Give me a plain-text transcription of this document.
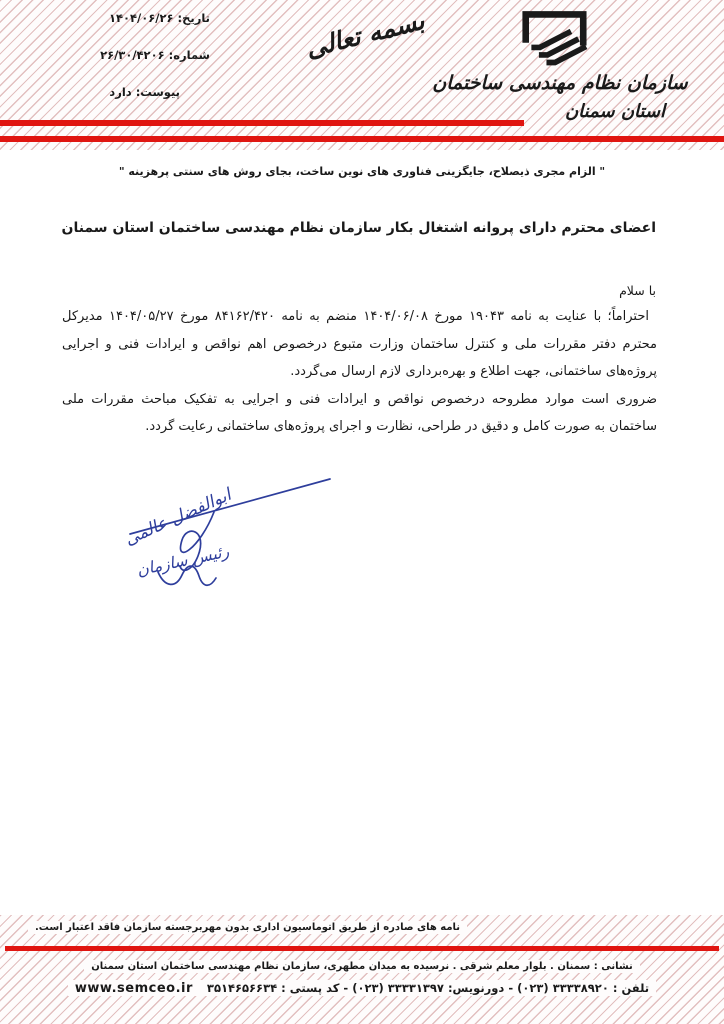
تاریخ: ۱۴۰۴/۰۶/۲۶
شماره: ۲۶/۳۰/۴۲۰۶
پیوست: دارد
بسمه تعالی
سازمان نظام مهندسی ساختمان
استان سمنان
" الزام مجری ذیصلاح، جایگزینی فناوری های نوین ساخت، بجای روش های سنتی پرهزینه "
اعضای محترم دارای پروانه اشتغال بکار سازمان نظام مهندسی ساختمان استان سمنان
با سلام

احتراماً؛ با عنایت به نامه ۱۹۰۴۳ مورخ ۱۴۰۴/۰۶/۰۸ منضم به نامه ۸۴۱۶۲/۴۲۰ مورخ ۱۴۰۴/۰۵/۲۷ مدیرکل محترم دفتر مقررات ملی و کنترل ساختمان وزارت متبوع درخصوص اهم نواقص و ایرادات فنی و اجرایی پروژه‌های ساختمانی، جهت اطلاع و بهره‌برداری لازم ارسال می‌گردد.

ضروری است موارد مطروحه درخصوص نواقص و ایرادات فنی و اجرایی به تفکیک مباحث مقررات ملی ساختمان به صورت کامل و دقیق در طراحی، نظارت و اجرای پروژه‌های ساختمانی رعایت گردد.

ابوالفضل عالمی
رئیس سازمان
نامه های صادره از طریق اتوماسیون اداری بدون مهربرجسته سازمان فاقد اعتبار است.
نشانی : سمنان . بلوار معلم شرقی . نرسیده به میدان مطهری، سازمان نظام مهندسی ساختمان استان سمنان
تلفن : ۳۳۳۳۸۹۲۰ (۰۲۳) - دورنویس: ۳۳۳۳۱۳۹۷ (۰۲۳) - کد پستی : ۳۵۱۴۶۵۶۶۳۴ www.semceo.ir
